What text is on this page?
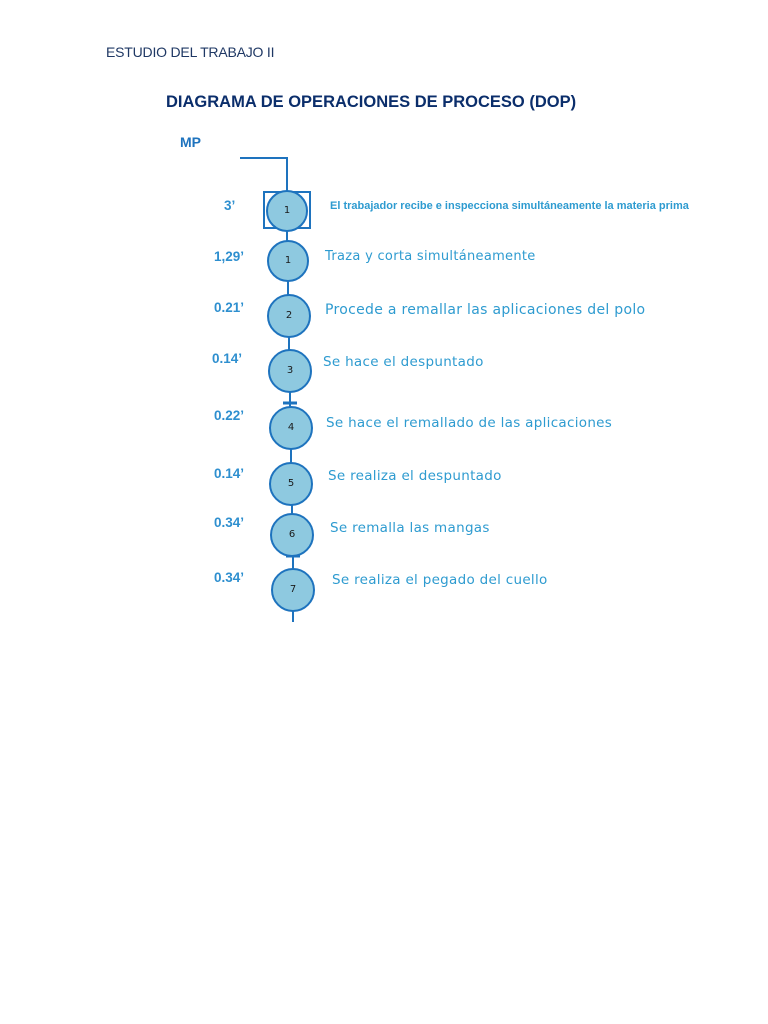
ESTUDIO DEL TRABAJO II
DIAGRAMA DE OPERACIONES DE PROCESO (DOP)
MP
1
1
2
3
4
5
6
7
3’
1,29’
0.21’
0.14’
0.22’
0.14’
0.34’
0.34’
El trabajador recibe e inspecciona simultáneamente la materia prima
Traza y corta simultáneamente
Procede a remallar las aplicaciones del polo
Se hace el despuntado
Se hace el remallado de las aplicaciones
Se realiza el despuntado
Se remalla las mangas
Se realiza el pegado del cuello
